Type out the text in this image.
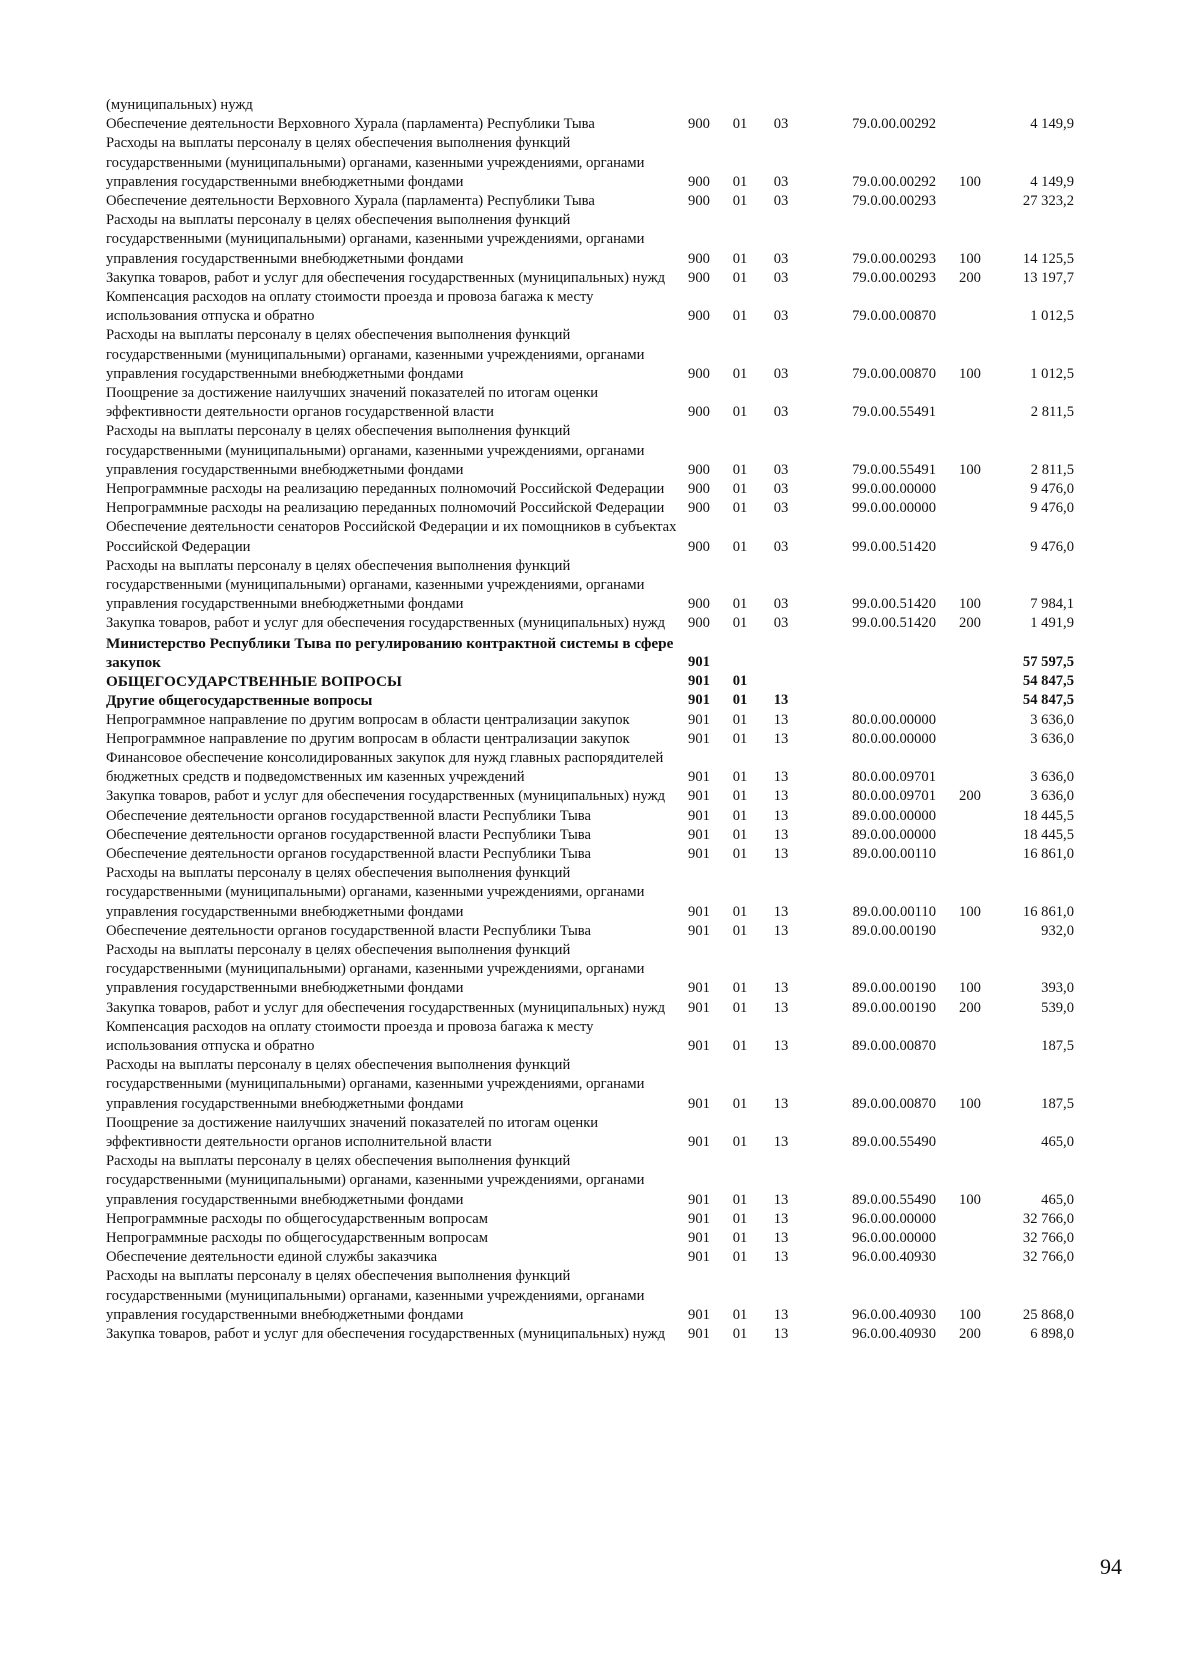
(муниципальных) нужд						
Обеспечение деятельности Верховного Хурала (парламента) Республики Тыва	900	01	03	79.0.00.00292		4 149,9
Расходы на выплаты персоналу в целях обеспечения выполнения функций государственными (муниципальными) органами, казенными учреждениями, органами управления государственными внебюджетными фондами	900	01	03	79.0.00.00292	100	4 149,9
Обеспечение деятельности Верховного Хурала (парламента) Республики Тыва	900	01	03	79.0.00.00293		27 323,2
Расходы на выплаты персоналу в целях обеспечения выполнения функций государственными (муниципальными) органами, казенными учреждениями, органами управления государственными внебюджетными фондами	900	01	03	79.0.00.00293	100	14 125,5
Закупка товаров, работ и услуг для обеспечения государственных (муниципальных) нужд	900	01	03	79.0.00.00293	200	13 197,7
Компенсация расходов на оплату стоимости проезда и провоза багажа к месту использования отпуска и обратно	900	01	03	79.0.00.00870		1 012,5
Расходы на выплаты персоналу в целях обеспечения выполнения функций государственными (муниципальными) органами, казенными учреждениями, органами управления государственными внебюджетными фондами	900	01	03	79.0.00.00870	100	1 012,5
Поощрение за достижение наилучших значений показателей по итогам оценки эффективности деятельности органов государственной власти	900	01	03	79.0.00.55491		2 811,5
Расходы на выплаты персоналу в целях обеспечения выполнения функций государственными (муниципальными) органами, казенными учреждениями, органами управления государственными внебюджетными фондами	900	01	03	79.0.00.55491	100	2 811,5
Непрограммные расходы на реализацию переданных полномочий Российской Федерации	900	01	03	99.0.00.00000		9 476,0
Непрограммные расходы на реализацию переданных полномочий Российской Федерации	900	01	03	99.0.00.00000		9 476,0
Обеспечение деятельности сенаторов Российской Федерации и их помощников в субъектах Российской Федерации	900	01	03	99.0.00.51420		9 476,0
Расходы на выплаты персоналу в целях обеспечения выполнения функций государственными (муниципальными) органами, казенными учреждениями, органами управления государственными внебюджетными фондами	900	01	03	99.0.00.51420	100	7 984,1
Закупка товаров, работ и услуг для обеспечения государственных (муниципальных) нужд	900	01	03	99.0.00.51420	200	1 491,9
Министерство Республики Тыва по регулированию контрактной системы в сфере закупок	901					57 597,5
ОБЩЕГОСУДАРСТВЕННЫЕ ВОПРОСЫ	901	01				54 847,5
Другие общегосударственные вопросы	901	01	13			54 847,5
Непрограммное направление по другим вопросам в области централизации закупок	901	01	13	80.0.00.00000		3 636,0
Непрограммное направление по другим вопросам в области централизации закупок	901	01	13	80.0.00.00000		3 636,0
Финансовое обеспечение консолидированных закупок для нужд главных распорядителей бюджетных средств и подведомственных им казенных учреждений	901	01	13	80.0.00.09701		3 636,0
Закупка товаров, работ и услуг для обеспечения государственных (муниципальных) нужд	901	01	13	80.0.00.09701	200	3 636,0
Обеспечение деятельности органов государственной власти Республики Тыва	901	01	13	89.0.00.00000		18 445,5
Обеспечение деятельности органов государственной власти Республики Тыва	901	01	13	89.0.00.00000		18 445,5
Обеспечение деятельности органов государственной власти Республики Тыва	901	01	13	89.0.00.00110		16 861,0
Расходы на выплаты персоналу в целях обеспечения выполнения функций государственными (муниципальными) органами, казенными учреждениями, органами управления государственными внебюджетными фондами	901	01	13	89.0.00.00110	100	16 861,0
Обеспечение деятельности органов государственной власти Республики Тыва	901	01	13	89.0.00.00190		932,0
Расходы на выплаты персоналу в целях обеспечения выполнения функций государственными (муниципальными) органами, казенными учреждениями, органами управления государственными внебюджетными фондами	901	01	13	89.0.00.00190	100	393,0
Закупка товаров, работ и услуг для обеспечения государственных (муниципальных) нужд	901	01	13	89.0.00.00190	200	539,0
Компенсация расходов на оплату стоимости проезда и провоза багажа к месту использования отпуска и обратно	901	01	13	89.0.00.00870		187,5
Расходы на выплаты персоналу в целях обеспечения выполнения функций государственными (муниципальными) органами, казенными учреждениями, органами управления государственными внебюджетными фондами	901	01	13	89.0.00.00870	100	187,5
Поощрение за достижение наилучших значений показателей по итогам оценки эффективности деятельности органов исполнительной власти	901	01	13	89.0.00.55490		465,0
Расходы на выплаты персоналу в целях обеспечения выполнения функций государственными (муниципальными) органами, казенными учреждениями, органами управления государственными внебюджетными фондами	901	01	13	89.0.00.55490	100	465,0
Непрограммные расходы по общегосударственным вопросам	901	01	13	96.0.00.00000		32 766,0
Непрограммные расходы по общегосударственным вопросам	901	01	13	96.0.00.00000		32 766,0
Обеспечение деятельности единой службы заказчика	901	01	13	96.0.00.40930		32 766,0
Расходы на выплаты персоналу в целях обеспечения выполнения функций государственными (муниципальными) органами, казенными учреждениями, органами управления государственными внебюджетными фондами	901	01	13	96.0.00.40930	100	25 868,0
Закупка товаров, работ и услуг для обеспечения государственных (муниципальных) нужд	901	01	13	96.0.00.40930	200	6 898,0
94
